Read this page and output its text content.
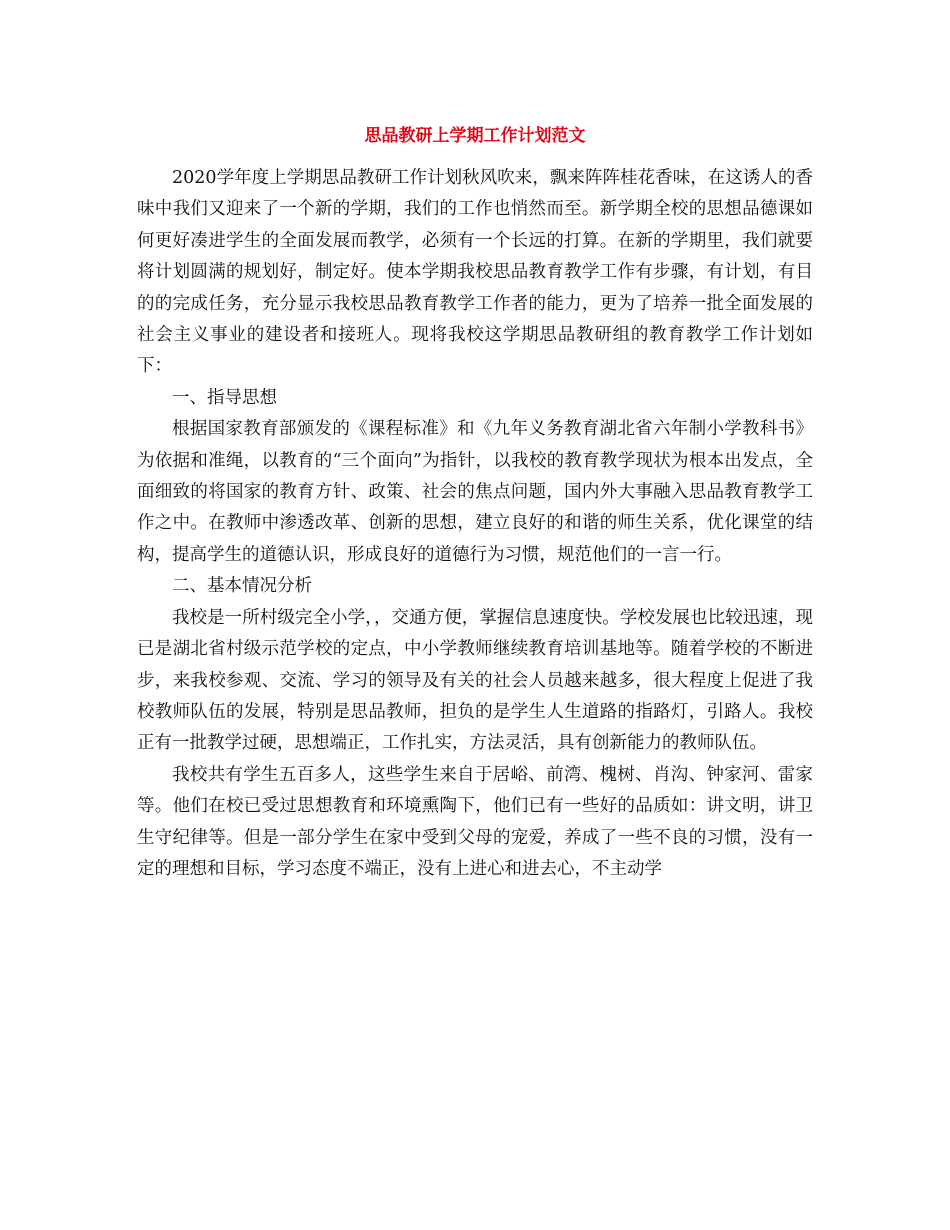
思品教研上学期工作计划范文

2020学年度上学期思品教研工作计划秋风吹来，飘来阵阵桂花香味，在这诱人的香味中我们又迎来了一个新的学期，我们的工作也悄然而至。新学期全校的思想品德课如何更好凑进学生的全面发展而教学，必须有一个长远的打算。在新的学期里，我们就要将计划圆满的规划好，制定好。使本学期我校思品教育教学工作有步骤，有计划，有目的的完成任务，充分显示我校思品教育教学工作者的能力，更为了培养一批全面发展的社会主义事业的建设者和接班人。现将我校这学期思品教研组的教育教学工作计划如下：

一、指导思想

根据国家教育部颁发的《课程标准》和《九年义务教育湖北省六年制小学教科书》为依据和准绳，以教育的“三个面向”为指针，以我校的教育教学现状为根本出发点，全面细致的将国家的教育方针、政策、社会的焦点问题，国内外大事融入思品教育教学工作之中。在教师中渗透改革、创新的思想，建立良好的和谐的师生关系，优化课堂的结构，提高学生的道德认识，形成良好的道德行为习惯，规范他们的一言一行。

二、基本情况分析

我校是一所村级完全小学，，交通方便，掌握信息速度快。学校发展也比较迅速，现已是湖北省村级示范学校的定点，中小学教师继续教育培训基地等。随着学校的不断进步，来我校参观、交流、学习的领导及有关的社会人员越来越多，很大程度上促进了我校教师队伍的发展，特别是思品教师，担负的是学生人生道路的指路灯，引路人。我校正有一批教学过硬，思想端正，工作扎实，方法灵活，具有创新能力的教师队伍。

我校共有学生五百多人，这些学生来自于居峪、前湾、槐树、肖沟、钟家河、雷家等。他们在校已受过思想教育和环境熏陶下，他们已有一些好的品质如：讲文明，讲卫生守纪律等。但是一部分学生在家中受到父母的宠爱，养成了一些不良的习惯，没有一定的理想和目标，学习态度不端正，没有上进心和进去心，不主动学
